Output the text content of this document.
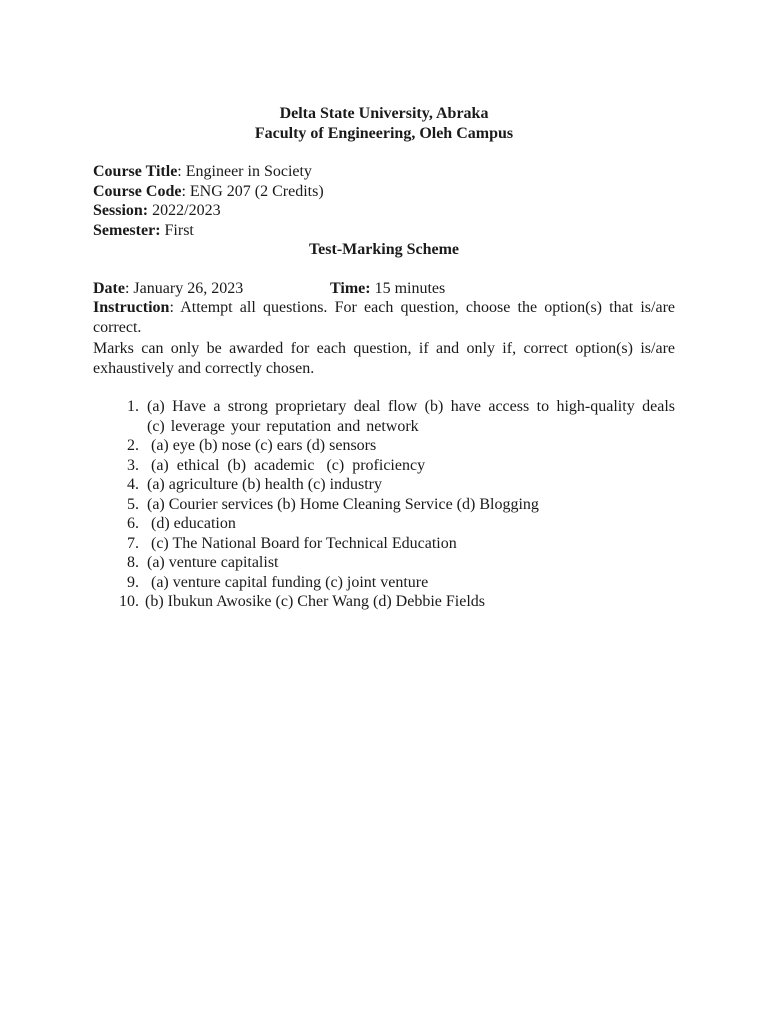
Delta State University, Abraka
Faculty of Engineering, Oleh Campus
Course Title: Engineer in Society
Course Code: ENG 207 (2 Credits)
Session: 2022/2023
Semester: First
Test-Marking Scheme
Date: January 26, 2023	Time: 15 minutes
Instruction: Attempt all questions. For each question, choose the option(s) that is/are correct.
Marks can only be awarded for each question, if and only if, correct option(s) is/are exhaustively and correctly chosen.
1. (a) Have a strong proprietary deal flow (b) have access to high-quality deals (c) leverage your reputation and network
2. (a) eye (b) nose (c) ears (d) sensors
3. (a)  ethical  (b)  academic   (c)  proficiency
4. (a) agriculture (b) health (c) industry
5. (a) Courier services (b) Home Cleaning Service (d) Blogging
6. (d) education
7. (c) The National Board for Technical Education
8. (a) venture capitalist
9. (a) venture capital funding (c) joint venture
10. (b) Ibukun Awosike (c) Cher Wang (d) Debbie Fields
